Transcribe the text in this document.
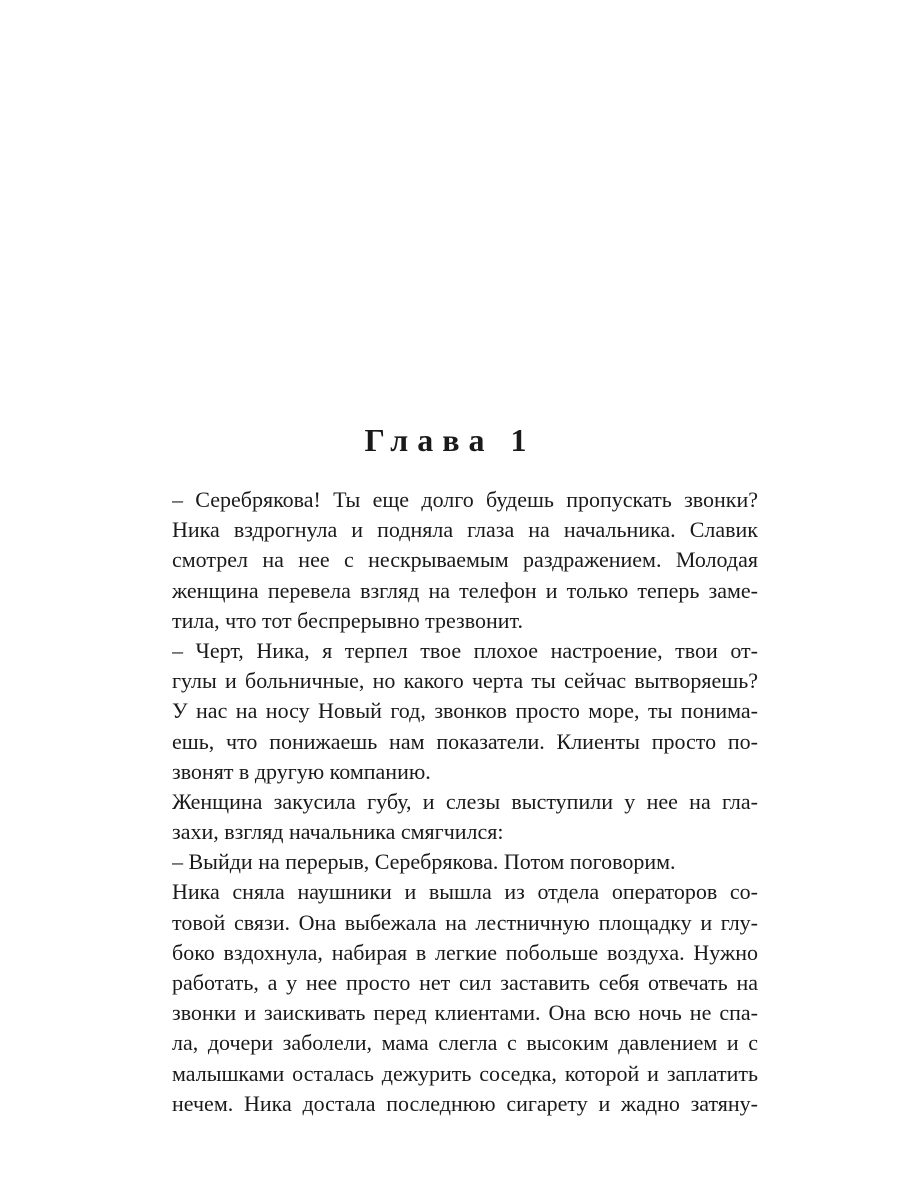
Глава 1
– Серебрякова! Ты еще долго будешь пропускать звонки?
Ника вздрогнула и подняла глаза на начальника. Славик
смотрел на нее с нескрываемым раздражением. Молодая
женщина перевела взгляд на телефон и только теперь заме-
тила, что тот беспрерывно трезвонит.
– Черт, Ника, я терпел твое плохое настроение, твои от-
гулы и больничные, но какого черта ты сейчас вытворяешь?
У нас на носу Новый год, звонков просто море, ты понима-
ешь, что понижаешь нам показатели. Клиенты просто по-
звонят в другую компанию.
Женщина закусила губу, и слезы выступили у нее на гла-
захи, взгляд начальника смягчился:
– Выйди на перерыв, Серебрякова. Потом поговорим.
Ника сняла наушники и вышла из отдела операторов со-
товой связи. Она выбежала на лестничную площадку и глу-
боко вздохнула, набирая в легкие побольше воздуха. Нужно
работать, а у нее просто нет сил заставить себя отвечать на
звонки и заискивать перед клиентами. Она всю ночь не спа-
ла, дочери заболели, мама слегла с высоким давлением и с
малышками осталась дежурить соседка, которой и заплатить
нечем. Ника достала последнюю сигарету и жадно затяну-
